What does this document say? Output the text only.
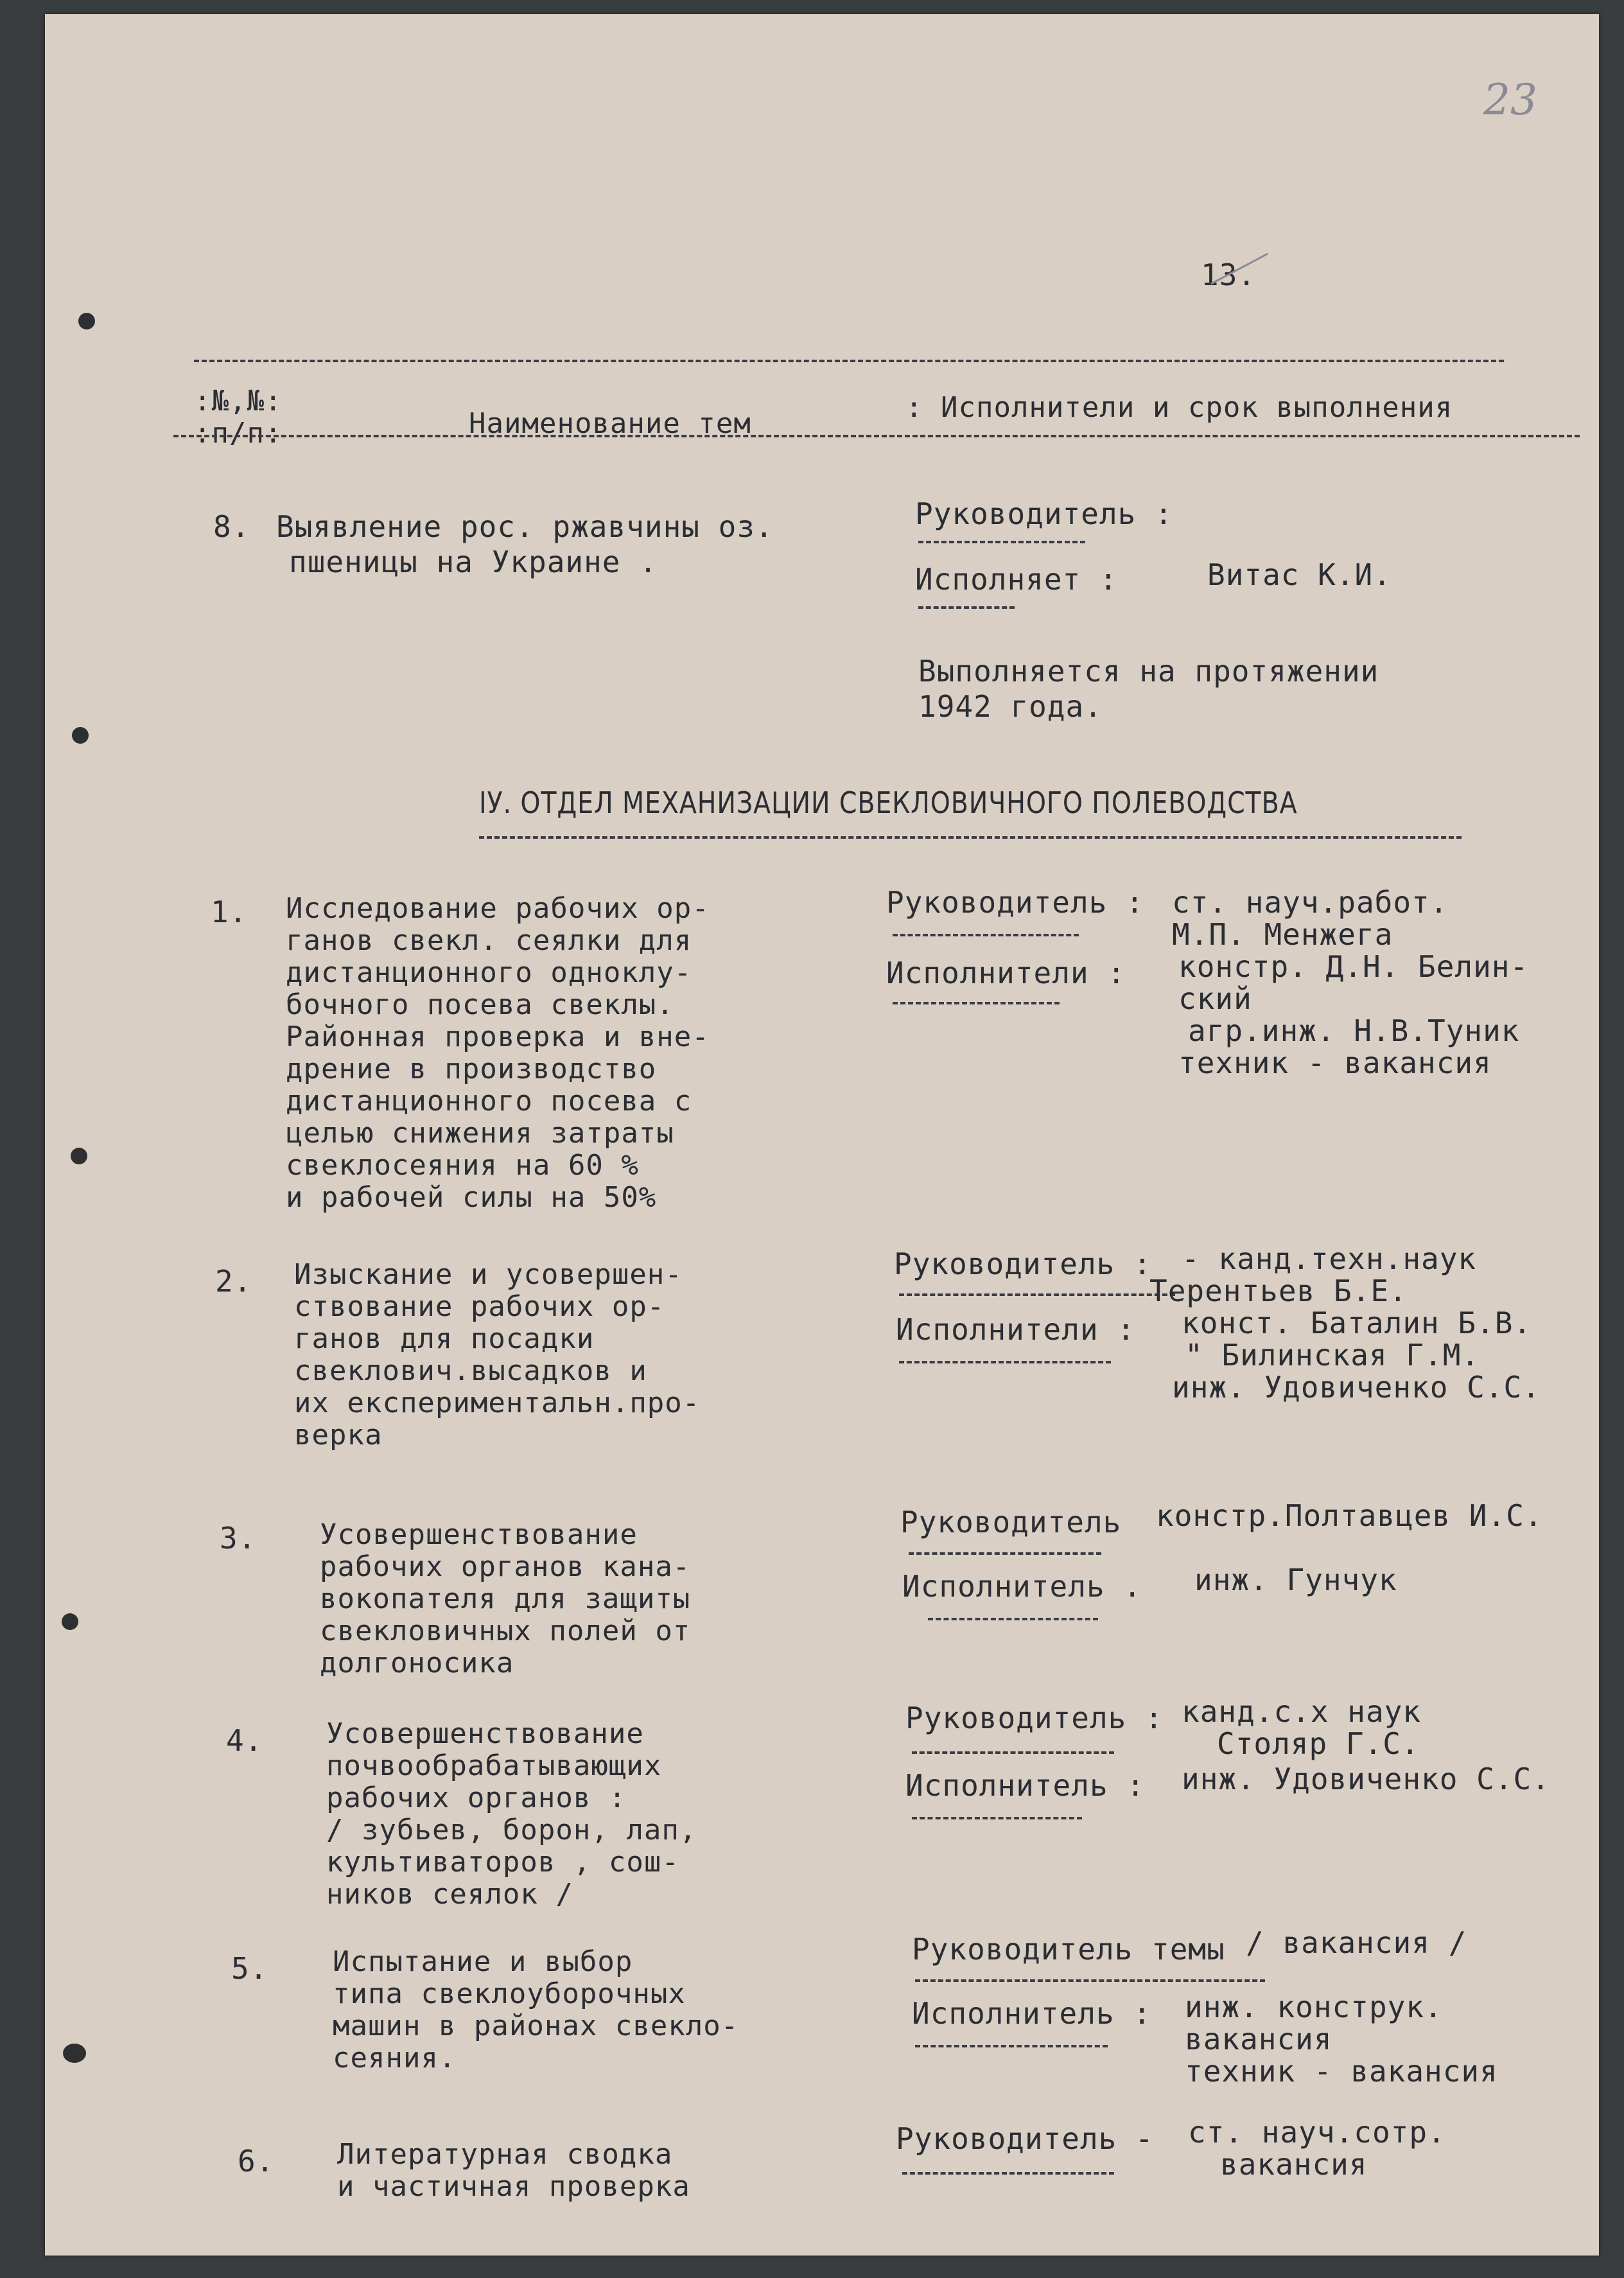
23
13.
:№,№:
:п/п:	Наименование тем	: Исполнители и срок выполнения
8. Выявление рос. ржавчины оз.
пшеницы на Украине .
Руководитель :
Исполняет :	Витас К.И.
Выполняется на протяжении
1942 года.
IУ. ОТДЕЛ МЕХАНИЗАЦИИ СВЕКЛОВИЧНОГО ПОЛЕВОДСТВА
1. Исследование рабочих ор-
ганов свекл. сеялки для
дистанционного одноклу-
бочного посева свеклы.
Районная проверка и вне-
дрение в производство
дистанционного посева с
целью снижения затраты
свеклосеяния на 60 %
и рабочей силы на 50%
Руководитель : ст. науч.работ.
М.П. Менжега
Исполнители : констр. Д.Н. Белин-
ский
агр.инж. Н.В.Туник
техник - вакансия
2. Изыскание и усовершен-
ствование рабочих ор-
ганов для посадки
свеклович.высадков и
их експериментальн.про-
верка
Руководитель : - канд.техн.наук
Терентьев Б.Е.
Исполнители : конст. Баталин Б.В.
" Билинская Г.М.
инж. Удовиченко С.С.
3. Усовершенствование
рабочих органов кана-
вокопателя для защиты
свекловичных полей от
долгоносика
Руководитель констр.Полтавцев И.С.
Исполнитель . инж. Гунчук
4. Усовершенствование
почвообрабатывающих
рабочих органов :
/ зубьев, борон, лап,
культиваторов , сош-
ников сеялок /
Руководитель : канд.с.х наук
Столяр Г.С.
Исполнитель : инж. Удовиченко С.С.
5. Испытание и выбор
типа свеклоуборочных
машин в районах свекло-
сеяния.
Руководитель темы / вакансия /
Исполнитель : инж. конструк.
вакансия
техник - вакансия
6. Литературная сводка
и частичная проверка
Руководитель - ст. науч.сотр.
вакансия
